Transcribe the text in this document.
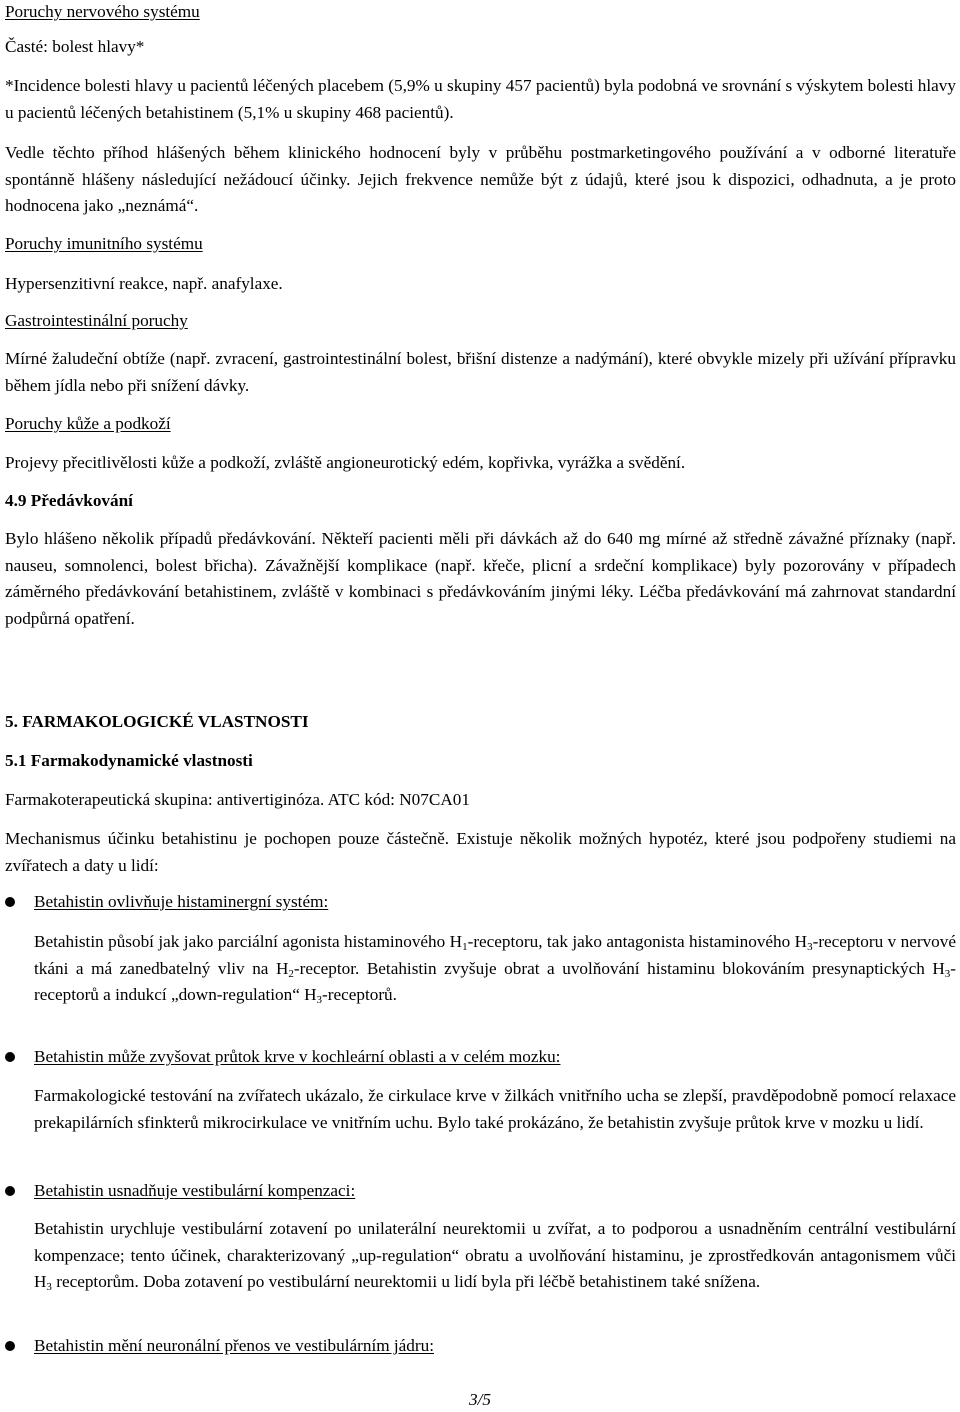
Poruchy nervového systému
Časté: bolest hlavy*
*Incidence bolesti hlavy u pacientů léčených placebem (5,9% u skupiny 457 pacientů) byla podobná ve srovnání s výskytem bolesti hlavy u pacientů léčených betahistinem (5,1% u skupiny 468 pacientů).
Vedle těchto příhod hlášených během klinického hodnocení byly v průběhu postmarketingového používání a v odborné literatuře spontánně hlášeny následující nežádoucí účinky. Jejich frekvence nemůže být z údajů, které jsou k dispozici, odhadnuta, a je proto hodnocena jako „neznámá“.
Poruchy imunitního systému
Hypersenzitivní reakce, např. anafylaxe.
Gastrointestinální poruchy
Mírné žaludeční obtíže (např. zvracení, gastrointestinální bolest, břišní distenze a nadýmání), které obvykle mizely při užívání přípravku během jídla nebo při snížení dávky.
Poruchy kůže a podkoží
Projevy přecitlivělosti kůže a podkoží, zvláště angioneurotický edém, kopřivka, vyrážka a svědění.
4.9 Předávkování
Bylo hlášeno několik případů předávkování. Někteří pacienti měli při dávkách až do 640 mg mírné až středně závažné příznaky (např. nauseu, somnolenci, bolest břicha). Závažnější komplikace (např. křeče, plicní a srdeční komplikace) byly pozorovány v případech záměrného předávkování betahistinem, zvláště v kombinaci s předávkováním jinými léky. Léčba předávkování má zahrnovat standardní podpůrná opatření.
5. FARMAKOLOGICKÉ VLASTNOSTI
5.1 Farmakodynamické vlastnosti
Farmakoterapeutická skupina: antivertiginóza. ATC kód: N07CA01
Mechanismus účinku betahistinu je pochopen pouze částečně. Existuje několik možných hypotéz, které jsou podpořeny studiemi na zvířatech a daty u lidí:
Betahistin ovlivňuje histaminergní systém:
Betahistin působí jak jako parciální agonista histaminového $H_1$-receptoru, tak jako antagonista histaminového $H_3$-receptoru v nervové tkáni a má zanedbatelný vliv na $H_2$-receptor. Betahistin zvyšuje obrat a uvolňování histaminu blokováním presynaptických $H_3$-receptorů a indukcí „down-regulation“ $H_3$-receptorů.
Betahistin může zvyšovat průtok krve v kochleární oblasti a v celém mozku:
Farmakologické testování na zvířatech ukázalo, že cirkulace krve v žilkách vnitřního ucha se zlepší, pravděpodobně pomocí relaxace prekapilárních sfinkterů mikrocirkulace ve vnitřním uchu. Bylo také prokázáno, že betahistin zvyšuje průtok krve v mozku u lidí.
Betahistin usnadňuje vestibulární kompenzaci:
Betahistin urychluje vestibulární zotavení po unilaterální neurektomii u zvířat, a to podporou a usnadněním centrální vestibulární kompenzace; tento účinek, charakterizovaný „up-regulation“ obratu a uvolňování histaminu, je zprostředkován antagonismem vůči $H_3$ receptorům. Doba zotavení po vestibulární neurektomii u lidí byla při léčbě betahistinem také snížena.
Betahistin mění neuronální přenos ve vestibulárním jádru:
3/5
